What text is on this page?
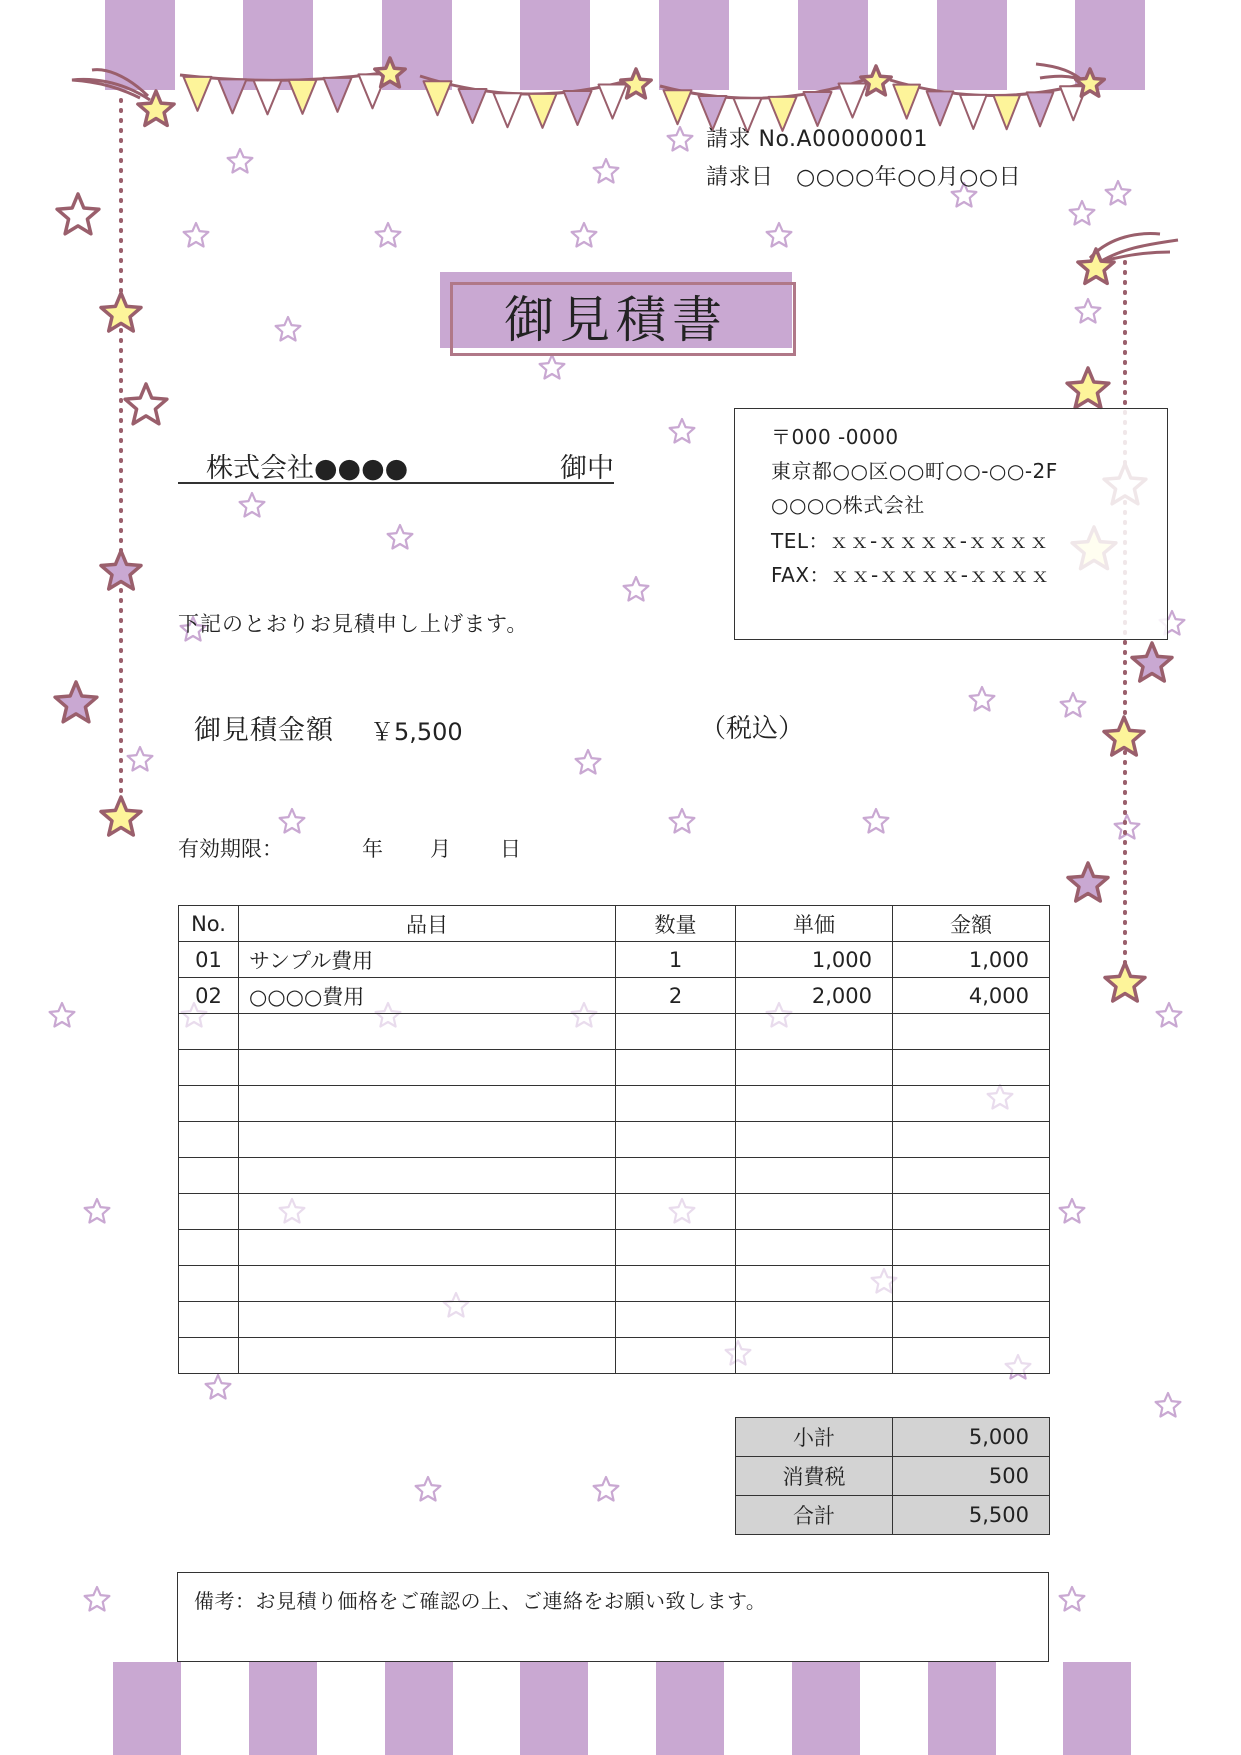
請求 No.A00000001
請求日　○○○○年○○月○○日
御見積書
株式会社●●●●	御中
〒000 -0000
東京都○○区○○町○○-○○-2F
○○○○株式会社
TEL：ｘｘ-ｘｘｘｘ-ｘｘｘｘ
FAX：ｘｘ-ｘｘｘｘ-ｘｘｘｘ
下記のとおりお見積申し上げます。
御見積金額 ￥5,500	（税込）
有効期限：	年 月 日
No.	品目	数量	単価	金額
01	サンプル費用	1	1,000	1,000
02	○○○○費用	2	2,000	4,000

小計	5,000
消費税	500
合計	5,500
備考：お見積り価格をご確認の上、ご連絡をお願い致します。
